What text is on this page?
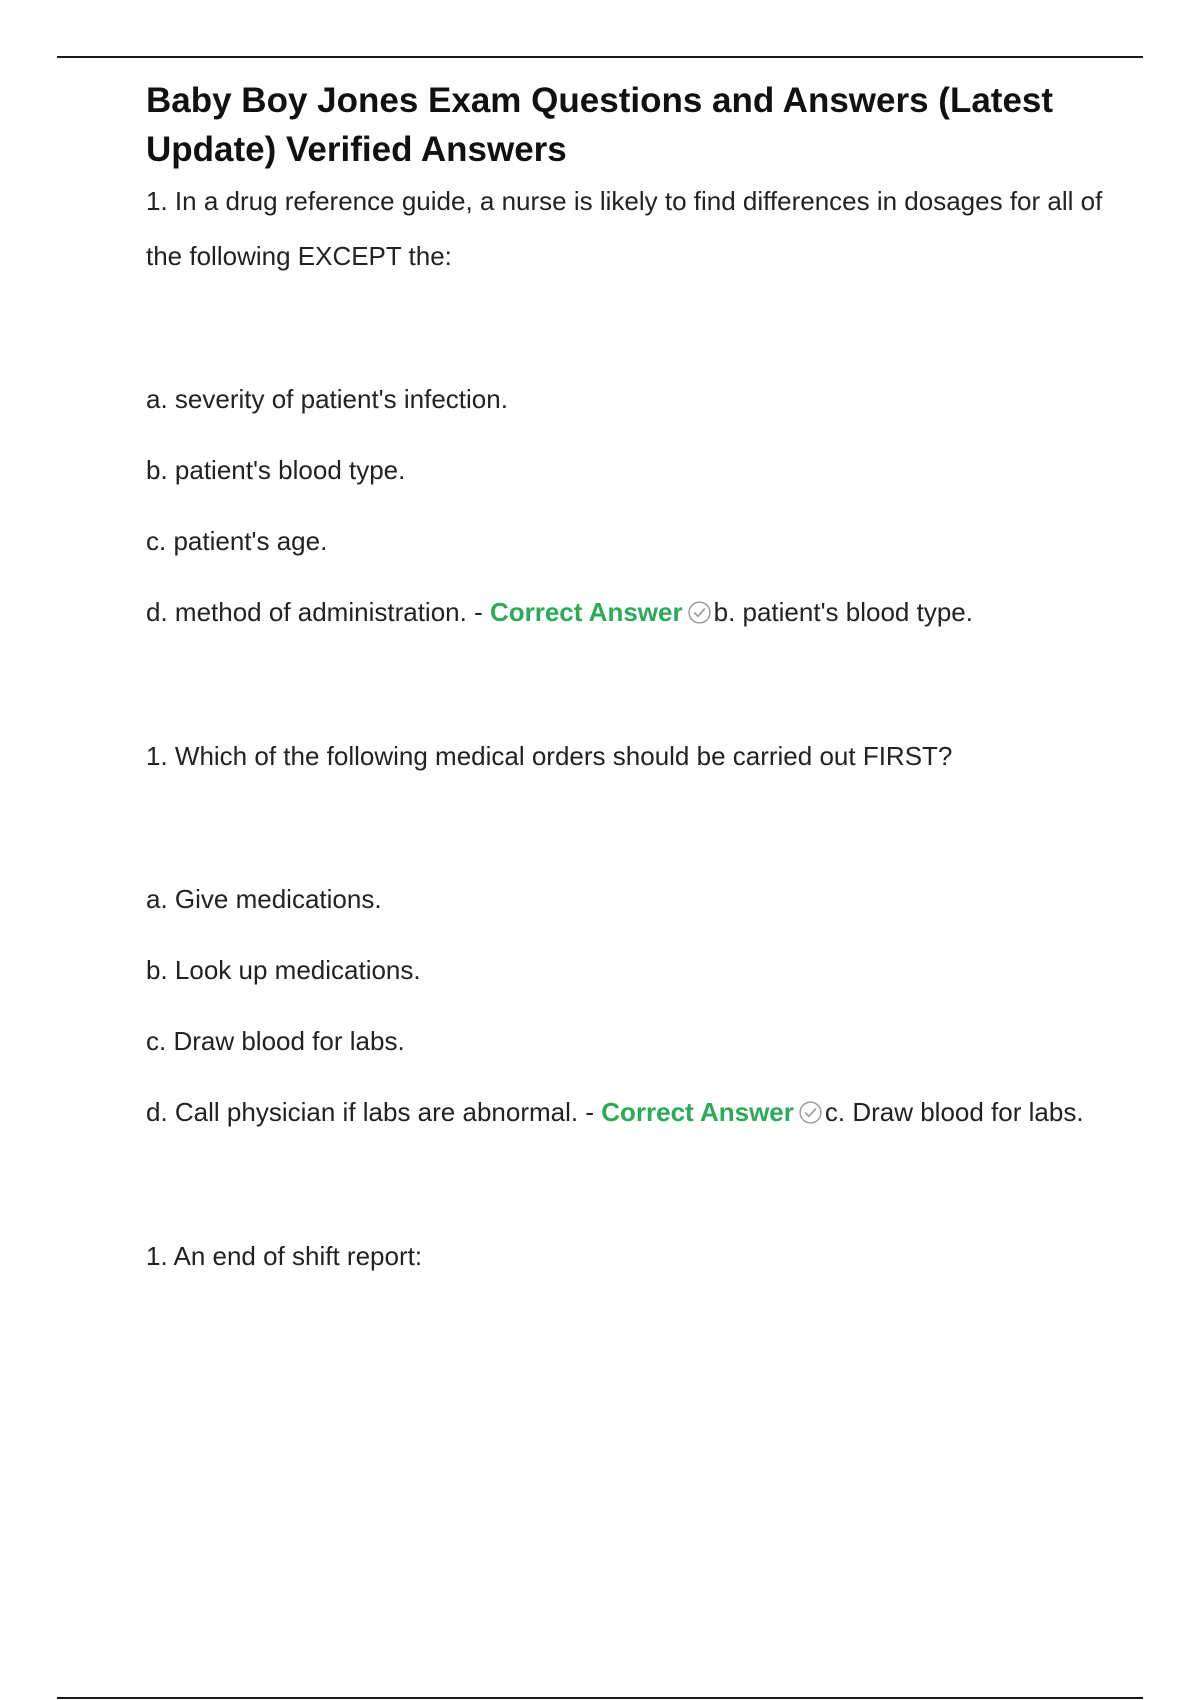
Baby Boy Jones Exam Questions and Answers (Latest Update) Verified Answers

1. In a drug reference guide, a nurse is likely to find differences in dosages for all of the following EXCEPT the:

a. severity of patient's infection.

b. patient's blood type.

c. patient's age.

d. method of administration. - Correct Answer b. patient's blood type.

1. Which of the following medical orders should be carried out FIRST?

a. Give medications.

b. Look up medications.

c. Draw blood for labs.

d. Call physician if labs are abnormal. - Correct Answer c. Draw blood for labs.

1. An end of shift report:
